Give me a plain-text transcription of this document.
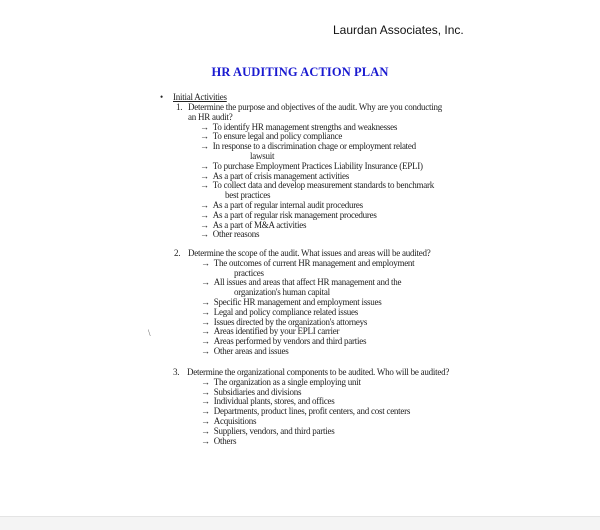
Laurdan Associates, Inc.
HR AUDITING ACTION PLAN
• Initial Activities
\
1. Determine the purpose and objectives of the audit. Why are you conducting
an HR audit?
→ To identify HR management strengths and weaknesses
→ To ensure legal and policy compliance
→ In response to a discrimination chage or employment related
lawsuit
→ To purchase Employment Practices Liability Insurance (EPLI)
→ As a part of crisis management activities
→ To collect data and develop measurement standards to benchmark
best practices
→ As a part of regular internal audit procedures
→ As a part of regular risk management procedures
→ As a part of M&A activities
→ Other reasons
2. Determine the scope of the audit. What issues and areas will be audited?
→ The outcomes of current HR management and employment
practices
→ All issues and areas that affect HR management and the
organization's human capital
→ Specific HR management and employment issues
→ Legal and policy compliance related issues
→ Issues directed by the organization's attorneys
→ Areas identified by your EPLI carrier
→ Areas performed by vendors and third parties
→ Other areas and issues
3. Determine the organizational components to be audited. Who will be audited?
→ The organization as a single employing unit
→ Subsidiaries and divisions
→ Individual plants, stores, and offices
→ Departments, product lines, profit centers, and cost centers
→ Acquisitions
→ Suppliers, vendors, and third parties
→ Others
